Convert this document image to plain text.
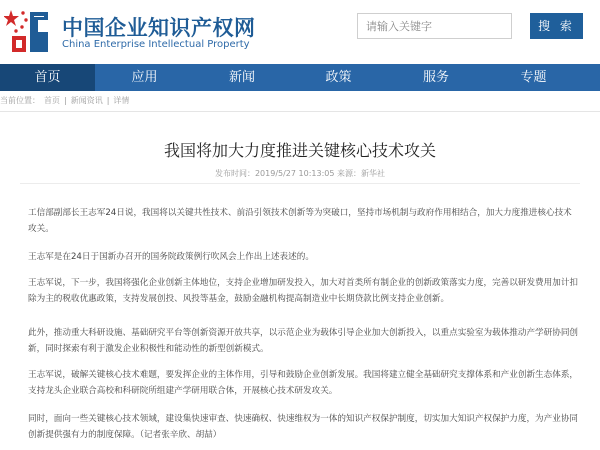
中国企业知识产权网
China Enterprise Intellectual Property
请输入关键字
搜 索
首页	应用	新闻	政策	服务	专题
当前位置： 首页 | 新闻资讯 | 详情
我国将加大力度推进关键核心技术攻关
发布时间：2019/5/27 10:13:05 来源：新华社
工信部副部长王志军24日说，我国将以关键共性技术、前沿引领技术创新等为突破口，坚持市场机制与政府作用相结合，加大力度推进核心技术攻关。
王志军是在24日于国新办召开的国务院政策例行吹风会上作出上述表述的。
王志军说，下一步，我国将强化企业创新主体地位，支持企业增加研发投入，加大对首类所有制企业的创新政策落实力度，完善以研发费用加计扣除为主的税收优惠政策，支持发展创投、风投等基金，鼓励金融机构提高制造业中长期贷款比例支持企业创新。
此外，推动重大科研设施、基础研究平台等创新资源开放共享，以示范企业为载体引导企业加大创新投入，以重点实验室为载体推动产学研协同创新，同时探索有利于激发企业积极性和能动性的新型创新模式。
王志军说，破解关键核心技术难题，要发挥企业的主体作用，引导和鼓励企业创新发展。我国将建立健全基础研究支撑体系和产业创新生态体系，支持龙头企业联合高校和科研院所组建产学研用联合体，开展核心技术研发攻关。
同时，面向一些关键核心技术领域，建设集快速审查、快速确权、快速维权为一体的知识产权保护制度，切实加大知识产权保护力度，为产业协同创新提供强有力的制度保障。（记者张辛欣、胡喆）
